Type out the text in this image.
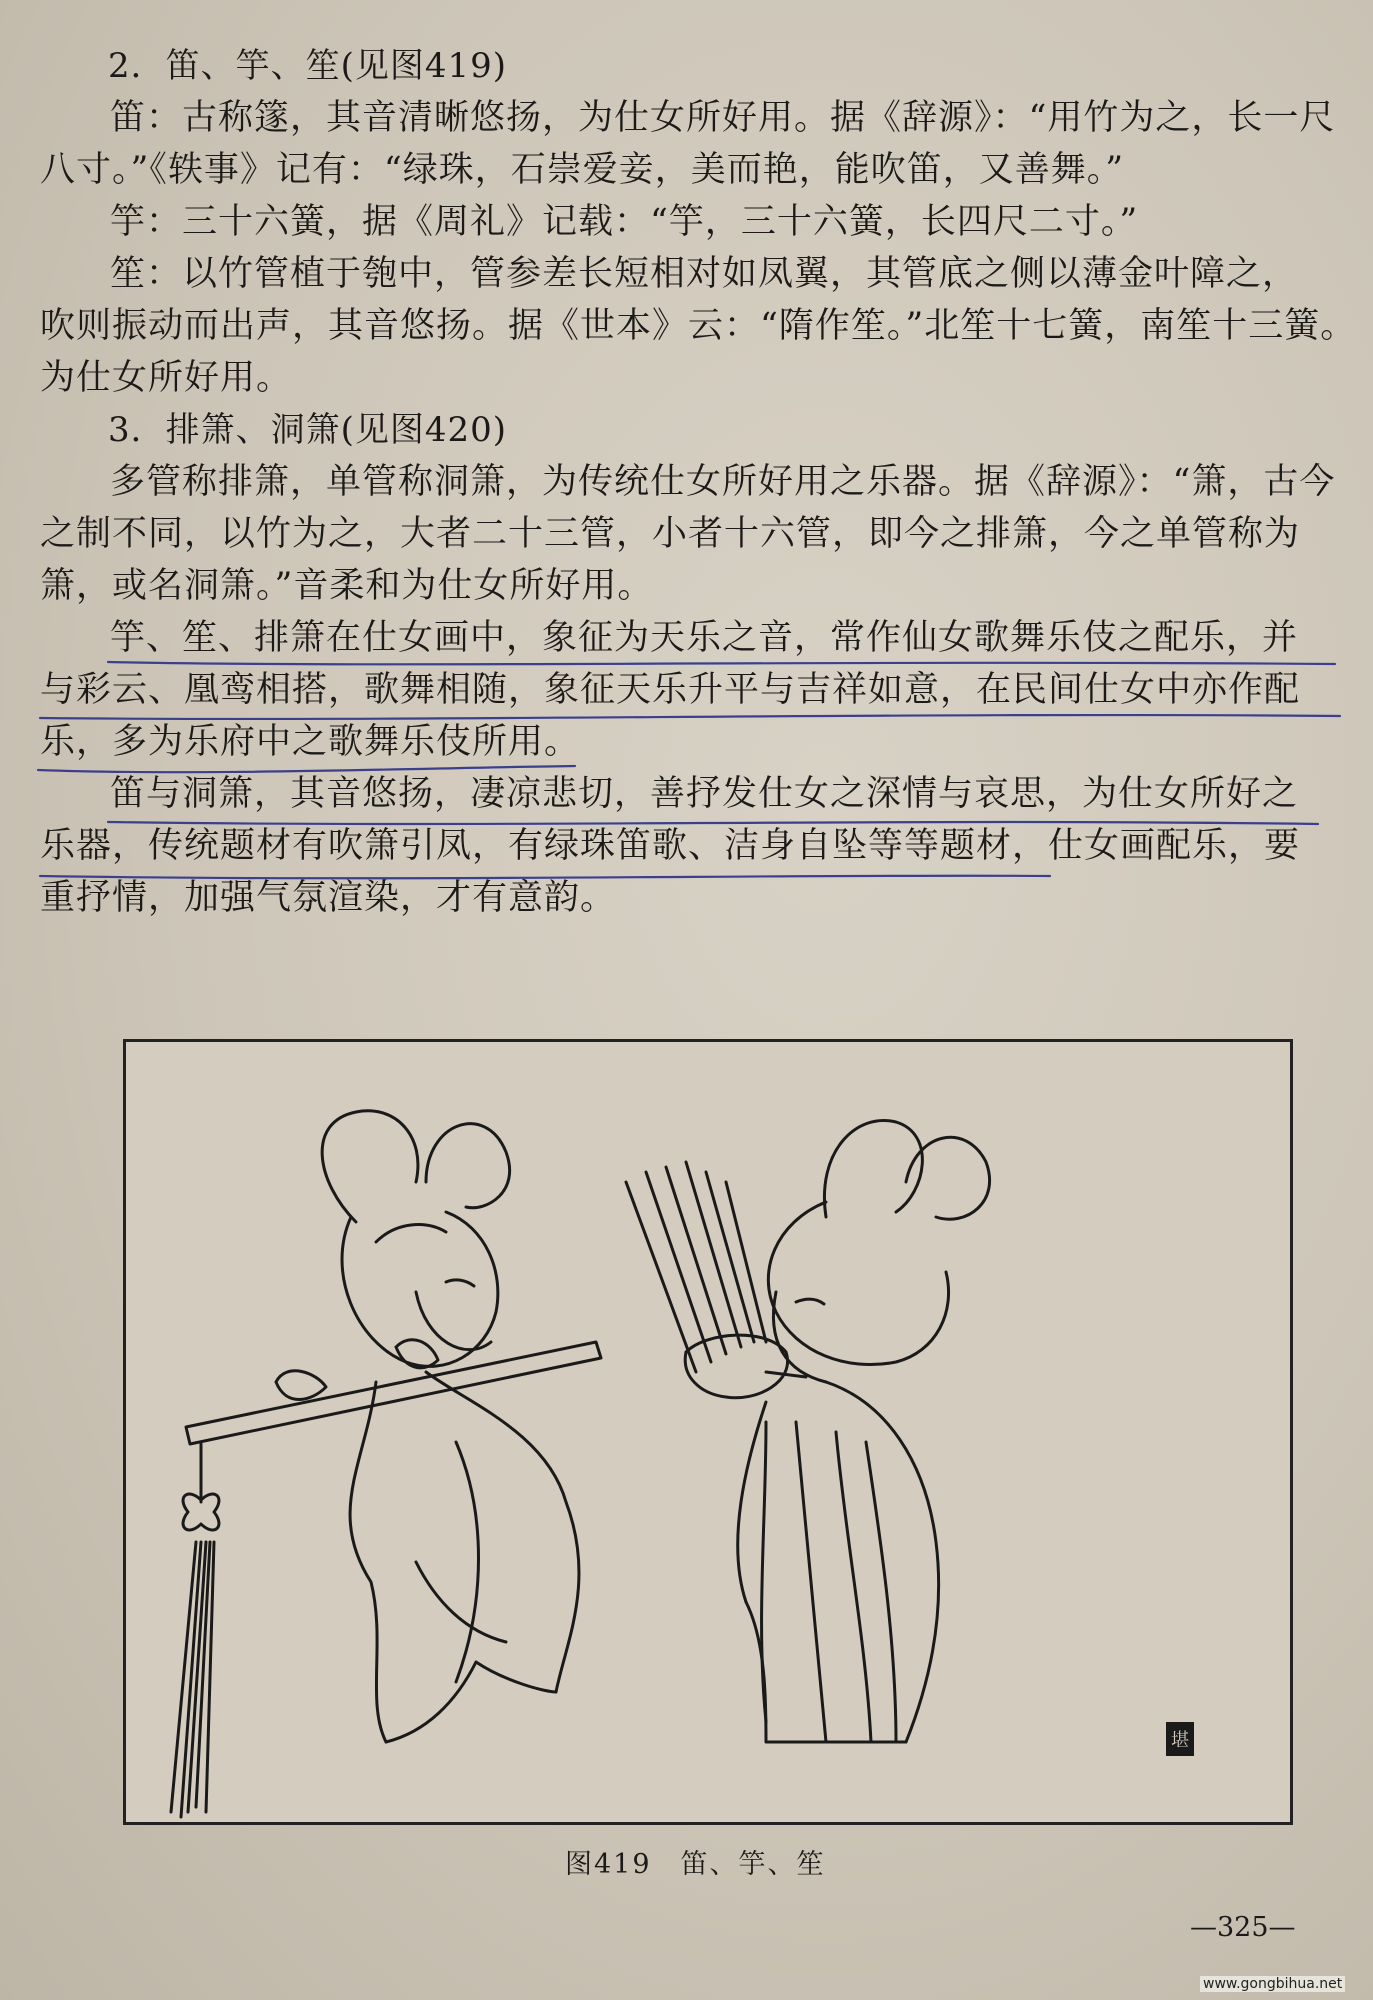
2．笛、竽、笙(见图419)
笛：古称篴，其音清晰悠扬，为仕女所好用。据《辞源》：“用竹为之，长一尺
八寸。”《轶事》记有：“绿珠，石崇爱妾，美而艳，能吹笛，又善舞。”
竽：三十六簧，据《周礼》记载：“竽，三十六簧，长四尺二寸。”
笙：以竹管植于匏中，管参差长短相对如凤翼，其管底之侧以薄金叶障之，
吹则振动而出声，其音悠扬。据《世本》云：“隋作笙。”北笙十七簧，南笙十三簧。
为仕女所好用。
3．排箫、洞箫(见图420)
多管称排箫，单管称洞箫，为传统仕女所好用之乐器。据《辞源》：“箫，古今
之制不同，以竹为之，大者二十三管，小者十六管，即今之排箫，今之单管称为
箫，或名洞箫。”音柔和为仕女所好用。
竽、笙、排箫在仕女画中，象征为天乐之音，常作仙女歌舞乐伎之配乐，并
与彩云、凰鸾相搭，歌舞相随，象征天乐升平与吉祥如意，在民间仕女中亦作配
乐，多为乐府中之歌舞乐伎所用。
笛与洞箫，其音悠扬，凄凉悲切，善抒发仕女之深情与哀思，为仕女所好之
乐器，传统题材有吹箫引凤，有绿珠笛歌、洁身自坠等等题材，仕女画配乐，要
重抒情，加强气氛渲染，才有意韵。
堪
图419　笛、竽、笙
—325—
www.gongbihua.net
